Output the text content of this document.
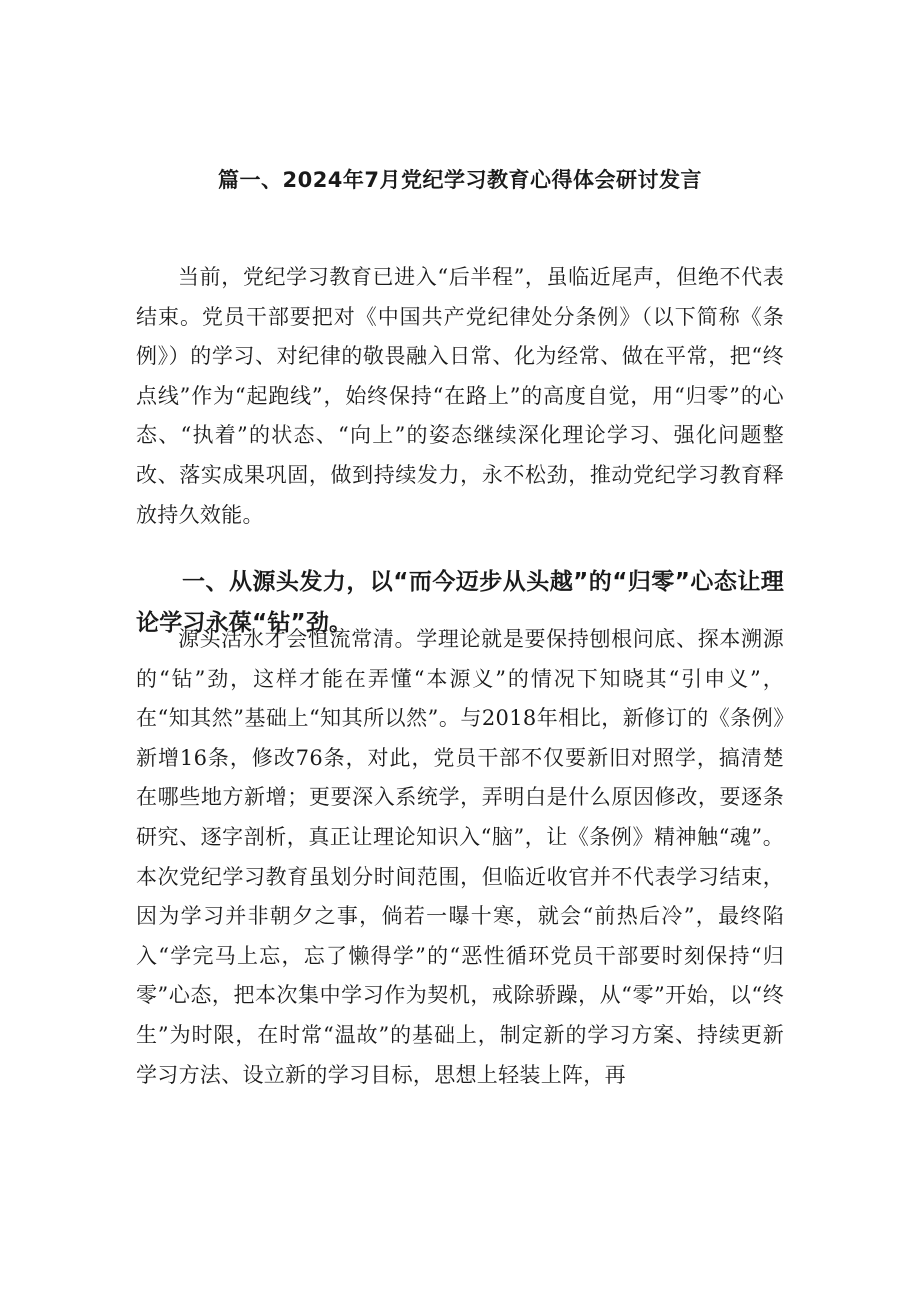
篇一、2024年7月党纪学习教育心得体会研讨发言

当前，党纪学习教育已进入“后半程”，虽临近尾声，但绝不代表结束。党员干部要把对《中国共产党纪律处分条例》（以下简称《条例》）的学习、对纪律的敬畏融入日常、化为经常、做在平常，把“终点线”作为“起跑线”，始终保持“在路上”的高度自觉，用“归零”的心态、“执着”的状态、“向上”的姿态继续深化理论学习、强化问题整改、落实成果巩固，做到持续发力，永不松劲，推动党纪学习教育释放持久效能。

一、从源头发力，以“而今迈步从头越”的“归零”心态让理论学习永葆“钻”劲。

源头活水才会恒流常清。学理论就是要保持刨根问底、探本溯源的“钻”劲，这样才能在弄懂“本源义”的情况下知晓其“引申义”，在“知其然”基础上“知其所以然”。与2018年相比，新修订的《条例》新增16条，修改76条，对此，党员干部不仅要新旧对照学，搞清楚在哪些地方新增；更要深入系统学，弄明白是什么原因修改，要逐条研究、逐字剖析，真正让理论知识入“脑”，让《条例》精神触“魂”。本次党纪学习教育虽划分时间范围，但临近收官并不代表学习结束，因为学习并非朝夕之事，倘若一曝十寒，就会“前热后冷”，最终陷入“学完马上忘，忘了懒得学”的“恶性循环党员干部要时刻保持“归零”心态，把本次集中学习作为契机，戒除骄躁，从“零”开始，以“终生”为时限，在时常“温故”的基础上，制定新的学习方案、持续更新学习方法、设立新的学习目标，思想上轻装上阵，再
